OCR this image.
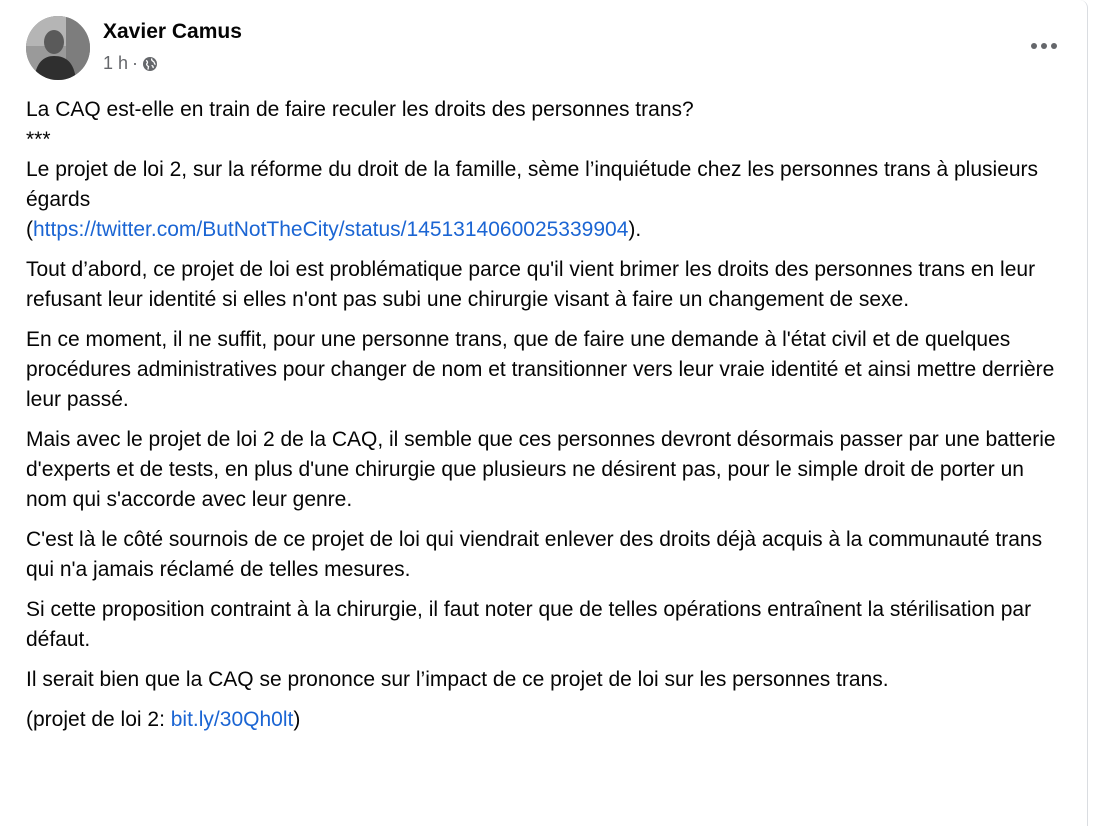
Xavier Camus
1 h ·

La CAQ est-elle en train de faire reculer les droits des personnes trans?

***

Le projet de loi 2, sur la réforme du droit de la famille, sème l’inquiétude chez les personnes trans à plusieurs égards
(https://twitter.com/ButNotTheCity/status/1451314060025339904).

Tout d’abord, ce projet de loi est problématique parce qu'il vient brimer les droits des personnes trans en leur refusant leur identité si elles n'ont pas subi une chirurgie visant à faire un changement de sexe.

En ce moment, il ne suffit, pour une personne trans, que de faire une demande à l'état civil et de quelques procédures administratives pour changer de nom et transitionner vers leur vraie identité et ainsi mettre derrière leur passé.

Mais avec le projet de loi 2 de la CAQ, il semble que ces personnes devront désormais passer par une batterie d'experts et de tests, en plus d'une chirurgie que plusieurs ne désirent pas, pour le simple droit de porter un nom qui s'accorde avec leur genre.

C'est là le côté sournois de ce projet de loi qui viendrait enlever des droits déjà acquis à la communauté trans qui n'a jamais réclamé de telles mesures.

Si cette proposition contraint à la chirurgie, il faut noter que de telles opérations entraînent la stérilisation par défaut.

Il serait bien que la CAQ se prononce sur l’impact de ce projet de loi sur les personnes trans.

(projet de loi 2: bit.ly/30Qh0lt)
